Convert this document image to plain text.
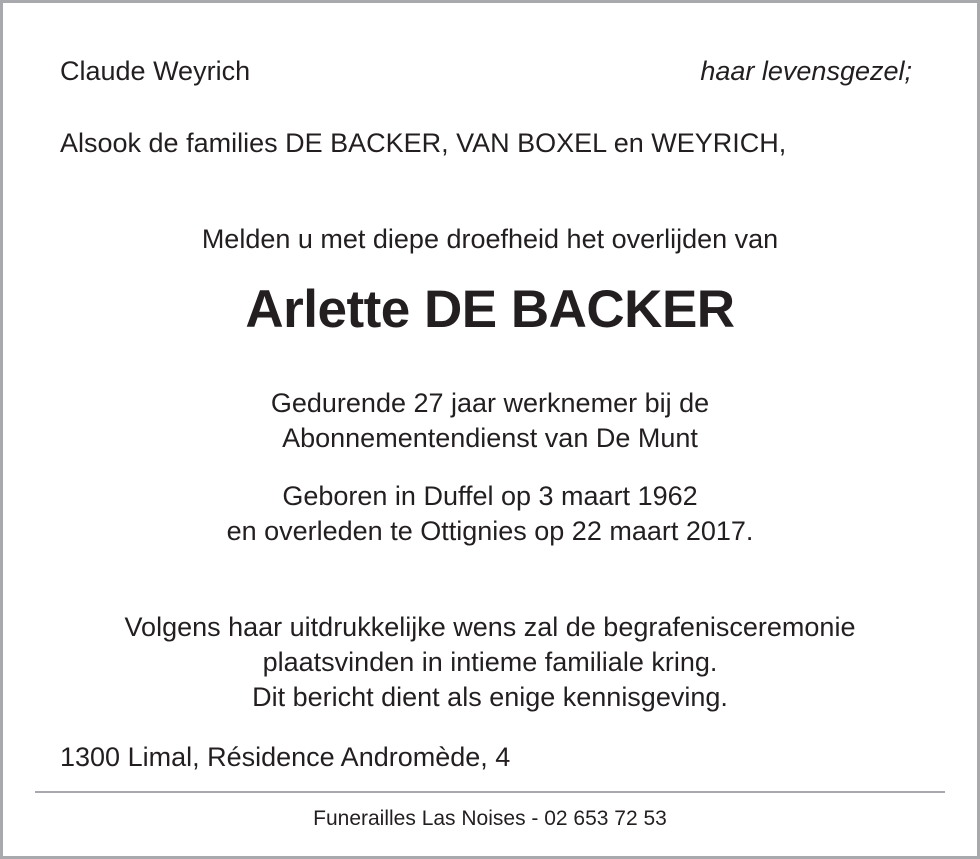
Claude Weyrich	haar levensgezel;
Alsook de families DE BACKER, VAN BOXEL en WEYRICH,
Melden u met diepe droefheid het overlijden van
Arlette DE BACKER
Gedurende 27 jaar werknemer bij de
Abonnementendienst van De Munt
Geboren in Duffel op 3 maart 1962
en overleden te Ottignies op 22 maart 2017.
Volgens haar uitdrukkelijke wens zal de begrafenisceremonie
plaatsvinden in intieme familiale kring.
Dit bericht dient als enige kennisgeving.
1300 Limal, Résidence Andromède, 4
Funerailles Las Noises - 02 653 72 53
